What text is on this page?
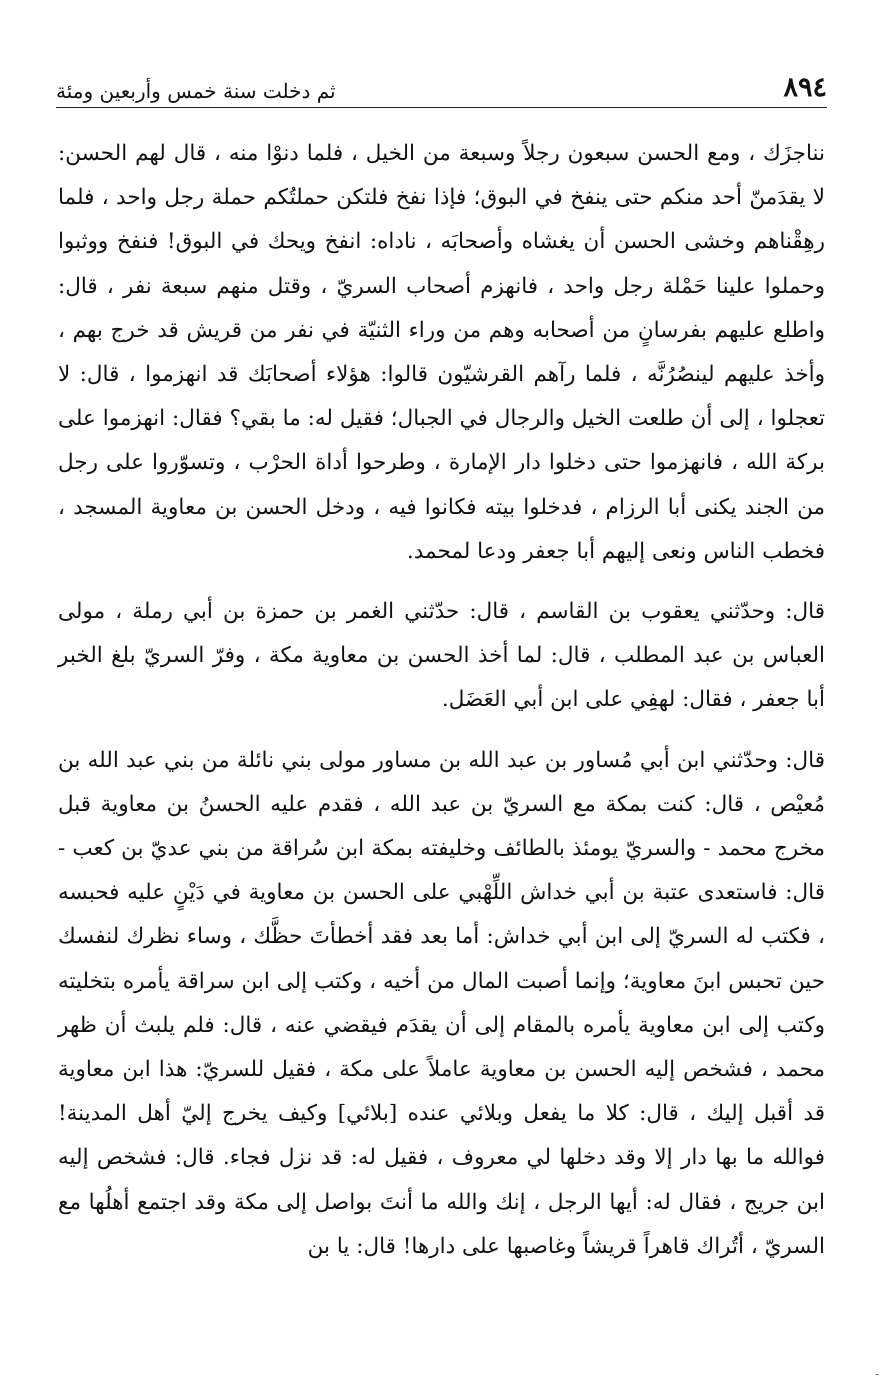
٨٩٤
ثم دخلت سنة خمس وأربعين ومئة

نناجزَك ، ومع الحسن سبعون رجلاً وسبعة من الخيل ، فلما دنوْا منه ، قال لهم الحسن: لا يقدَمنّ أحد منكم حتى ينفخ في البوق؛ فإذا نفخ فلتكن حملتُكم حملة رجل واحد ، فلما رهِقْناهم وخشى الحسن أن يغشاه وأصحابَه ، ناداه: انفخ ويحك في البوق! فنفخ ووثبوا وحملوا علينا حَمْلة رجل واحد ، فانهزم أصحاب السريّ ، وقتل منهم سبعة نفر ، قال: واطلع عليهم بفرسانٍ من أصحابه وهم من وراء الثنيّة في نفر من قريش قد خرج بهم ، وأخذ عليهم لينصُرُنَّه ، فلما رآهم القرشيّون قالوا: هؤلاء أصحابَك قد انهزموا ، قال: لا تعجلوا ، إلى أن طلعت الخيل والرجال في الجبال؛ فقيل له: ما بقي؟ فقال: انهزموا على بركة الله ، فانهزموا حتى دخلوا دار الإمارة ، وطرحوا أداة الحرْب ، وتسوّروا على رجل من الجند يكنى أبا الرزام ، فدخلوا بيته فكانوا فيه ، ودخل الحسن بن معاوية المسجد ، فخطب الناس ونعى إليهم أبا جعفر ودعا لمحمد.

قال: وحدّثني يعقوب بن القاسم ، قال: حدّثني الغمر بن حمزة بن أبي رملة ، مولى العباس بن عبد المطلب ، قال: لما أخذ الحسن بن معاوية مكة ، وفرّ السريّ بلغ الخبر أبا جعفر ، فقال: لهفِي على ابن أبي العَضَل.

قال: وحدّثني ابن أبي مُساور بن عبد الله بن مساور مولى بني نائلة من بني عبد الله بن مُعيْص ، قال: كنت بمكة مع السريّ بن عبد الله ، فقدم عليه الحسنُ بن معاوية قبل مخرج محمد - والسريّ يومئذ بالطائف وخليفته بمكة ابن سُراقة من بني عديّ بن كعب - قال: فاستعدى عتبة بن أبي خداش اللِّهْبي على الحسن بن معاوية في دَيْنٍ عليه فحبسه ، فكتب له السريّ إلى ابن أبي خداش: أما بعد فقد أخطأتَ حظَّك ، وساء نظرك لنفسك حين تحبس ابنَ معاوية؛ وإنما أصبت المال من أخيه ، وكتب إلى ابن سراقة يأمره بتخليته وكتب إلى ابن معاوية يأمره بالمقام إلى أن يقدَم فيقضي عنه ، قال: فلم يلبث أن ظهر محمد ، فشخص إليه الحسن بن معاوية عاملاً على مكة ، فقيل للسريّ: هذا ابن معاوية قد أقبل إليك ، قال: كلا ما يفعل وبلائي عنده [بلائي] وكيف يخرج إليّ أهل المدينة! فوالله ما بها دار إلا وقد دخلها لي معروف ، فقيل له: قد نزل فجاء. قال: فشخص إليه ابن جريج ، فقال له: أيها الرجل ، إنك والله ما أنتَ بواصل إلى مكة وقد اجتمع أهلُها مع السريّ ، أتُراك قاهراً قريشاً وغاصبها على دارها! قال: يا بن

-
